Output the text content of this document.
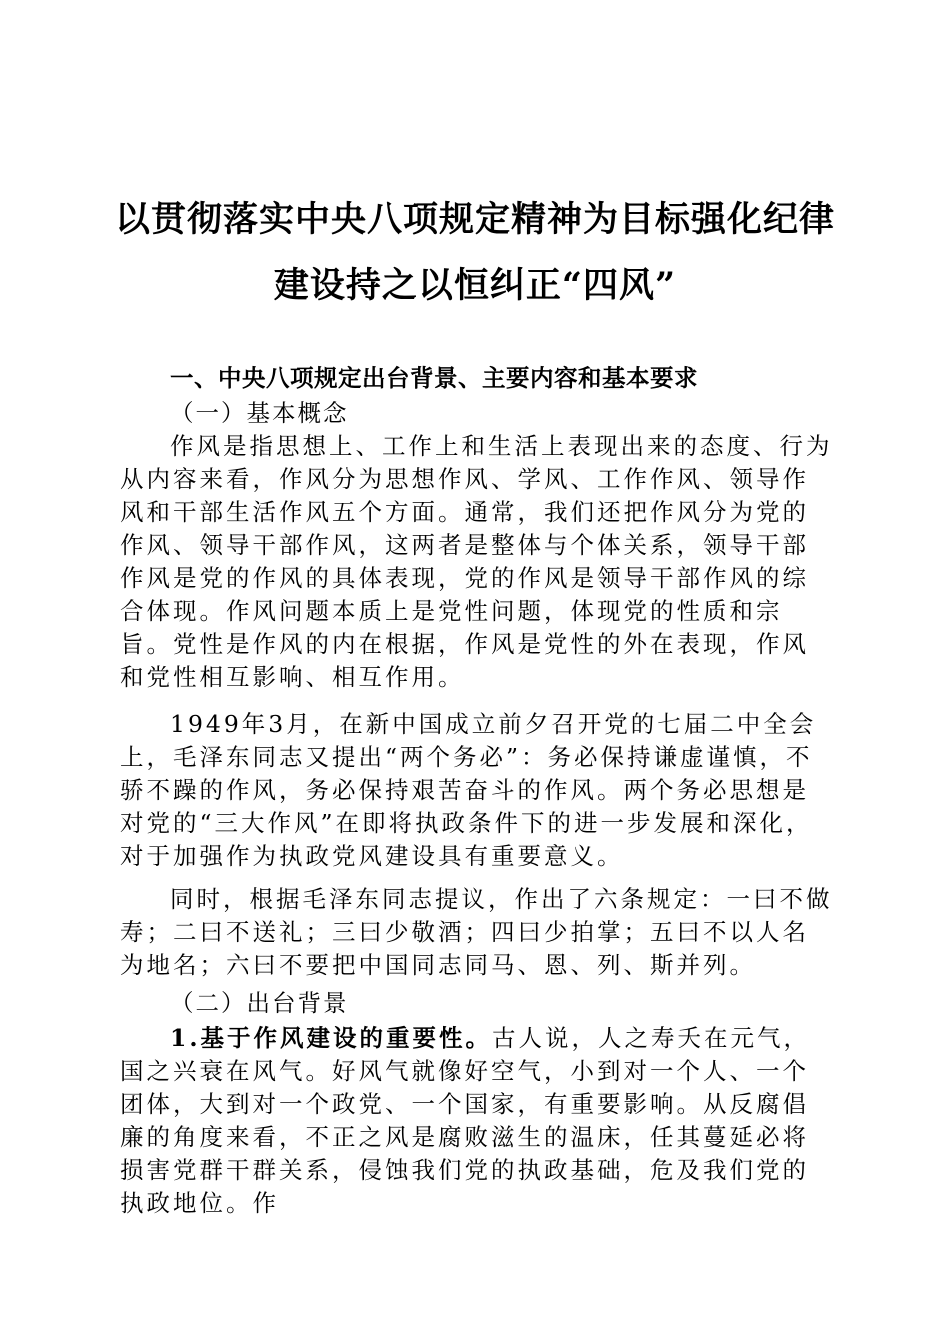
以贯彻落实中央八项规定精神为目标强化纪律
建设持之以恒纠正“四风”
一、中央八项规定出台背景、主要内容和基本要求
（一）基本概念
作风是指思想上、工作上和生活上表现出来的态度、行为从内容来看，作风分为思想作风、学风、工作作风、领导作风和干部生活作风五个方面。通常，我们还把作风分为党的作风、领导干部作风，这两者是整体与个体关系，领导干部作风是党的作风的具体表现，党的作风是领导干部作风的综合体现。作风问题本质上是党性问题，体现党的性质和宗旨。党性是作风的内在根据，作风是党性的外在表现，作风和党性相互影响、相互作用。
1949年3月，在新中国成立前夕召开党的七届二中全会上，毛泽东同志又提出“两个务必”：务必保持谦虚谨慎，不骄不躁的作风，务必保持艰苦奋斗的作风。两个务必思想是对党的“三大作风”在即将执政条件下的进一步发展和深化，对于加强作为执政党风建设具有重要意义。
同时，根据毛泽东同志提议，作出了六条规定：一曰不做寿；二曰不送礼；三曰少敬酒；四曰少拍掌；五曰不以人名为地名；六曰不要把中国同志同马、恩、列、斯并列。
（二）出台背景
1.基于作风建设的重要性。古人说，人之寿夭在元气，国之兴衰在风气。好风气就像好空气，小到对一个人、一个团体，大到对一个政党、一个国家，有重要影响。从反腐倡廉的角度来看，不正之风是腐败滋生的温床，任其蔓延必将损害党群干群关系，侵蚀我们党的执政基础，危及我们党的执政地位。作
